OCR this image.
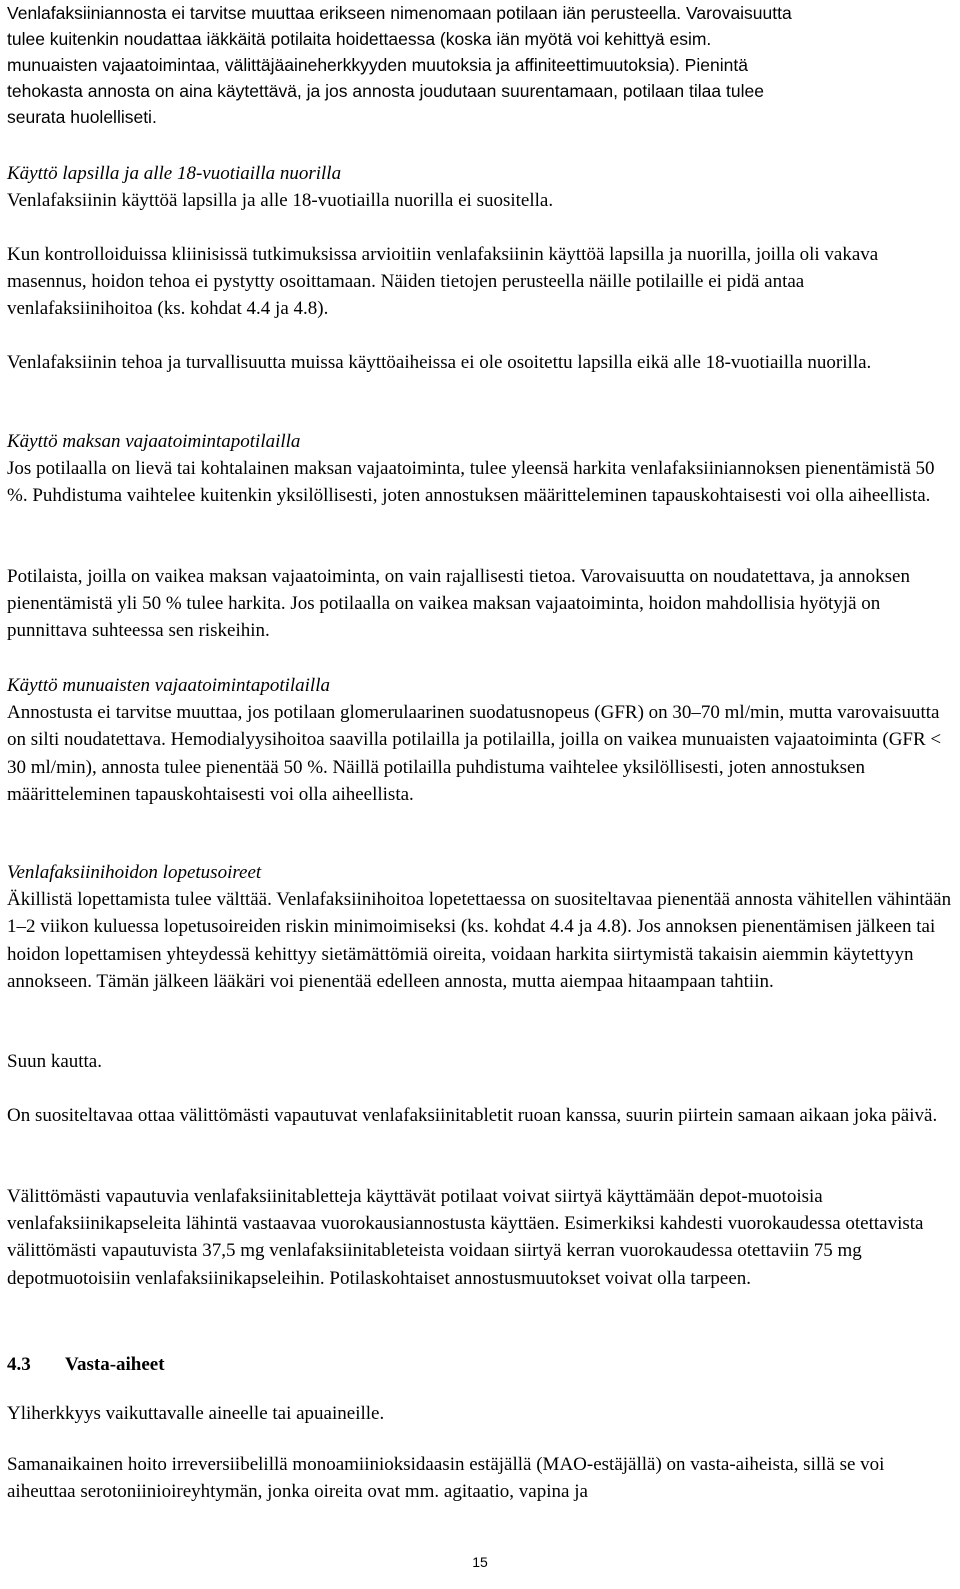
Venlafaksiiniannosta ei tarvitse muuttaa erikseen nimenomaan potilaan iän perusteella. Varovaisuutta
tulee kuitenkin noudattaa iäkkäitä potilaita hoidettaessa (koska iän myötä voi kehittyä esim.
munuaisten vajaatoimintaa, välittäjäaineherkkyyden muutoksia ja affiniteettimuutoksia). Pienintä
tehokasta annosta on aina käytettävä, ja jos annosta joudutaan suurentamaan, potilaan tilaa tulee
seurata huolelliseti.
Käyttö lapsilla ja alle 18-vuotiailla nuorilla
Venlafaksiinin käyttöä lapsilla ja alle 18-vuotiailla nuorilla ei suositella.

Kun kontrolloiduissa kliinisissä tutkimuksissa arvioitiin venlafaksiinin käyttöä lapsilla ja nuorilla, joilla oli vakava masennus, hoidon tehoa ei pystytty osoittamaan. Näiden tietojen perusteella näille potilaille ei pidä antaa venlafaksiinihoitoa (ks. kohdat 4.4 ja 4.8).

Venlafaksiinin tehoa ja turvallisuutta muissa käyttöaiheissa ei ole osoitettu lapsilla eikä alle 18-vuotiailla nuorilla.

Käyttö maksan vajaatoimintapotilailla
Jos potilaalla on lievä tai kohtalainen maksan vajaatoiminta, tulee yleensä harkita venlafaksiiniannoksen pienentämistä 50 %. Puhdistuma vaihtelee kuitenkin yksilöllisesti, joten annostuksen määritteleminen tapauskohtaisesti voi olla aiheellista.

Potilaista, joilla on vaikea maksan vajaatoiminta, on vain rajallisesti tietoa. Varovaisuutta on noudatettava, ja annoksen pienentämistä yli 50 % tulee harkita. Jos potilaalla on vaikea maksan vajaatoiminta, hoidon mahdollisia hyötyjä on punnittava suhteessa sen riskeihin.

Käyttö munuaisten vajaatoimintapotilailla
Annostusta ei tarvitse muuttaa, jos potilaan glomerulaarinen suodatusnopeus (GFR) on 30–70 ml/min, mutta varovaisuutta on silti noudatettava. Hemodialyysihoitoa saavilla potilailla ja potilailla, joilla on vaikea munuaisten vajaatoiminta (GFR < 30 ml/min), annosta tulee pienentää 50 %. Näillä potilailla puhdistuma vaihtelee yksilöllisesti, joten annostuksen määritteleminen tapauskohtaisesti voi olla aiheellista.
Venlafaksiinihoidon lopetusoireet
Äkillistä lopettamista tulee välttää. Venlafaksiinihoitoa lopetettaessa on suositeltavaa pienentää annosta vähitellen vähintään 1–2 viikon kuluessa lopetusoireiden riskin minimoimiseksi (ks. kohdat 4.4 ja 4.8). Jos annoksen pienentämisen jälkeen tai hoidon lopettamisen yhteydessä kehittyy sietämättömiä oireita, voidaan harkita siirtymistä takaisin aiemmin käytettyyn annokseen. Tämän jälkeen lääkäri voi pienentää edelleen annosta, mutta aiempaa hitaampaan tahtiin.

Suun kautta.

On suositeltavaa ottaa välittömästi vapautuvat venlafaksiinitabletit ruoan kanssa, suurin piirtein samaan aikaan joka päivä.

Välittömästi vapautuvia venlafaksiinitabletteja käyttävät potilaat voivat siirtyä käyttämään depot-muotoisia venlafaksiinikapseleita lähintä vastaavaa vuorokausiannostusta käyttäen. Esimerkiksi kahdesti vuorokaudessa otettavista välittömästi vapautuvista 37,5 mg venlafaksiinitableteista voidaan siirtyä kerran vuorokaudessa otettaviin 75 mg depotmuotoisiin venlafaksiinikapseleihin. Potilaskohtaiset annostusmuutokset voivat olla tarpeen.

4.3 Vasta-aiheet

Yliherkkyys vaikuttavalle aineelle tai apuaineille.

Samanaikainen hoito irreversiibelillä monoamiinioksidaasin estäjällä (MAO-estäjällä) on vasta-aiheista, sillä se voi aiheuttaa serotoniinioireyhtymän, jonka oireita ovat mm. agitaatio, vapina ja

15
